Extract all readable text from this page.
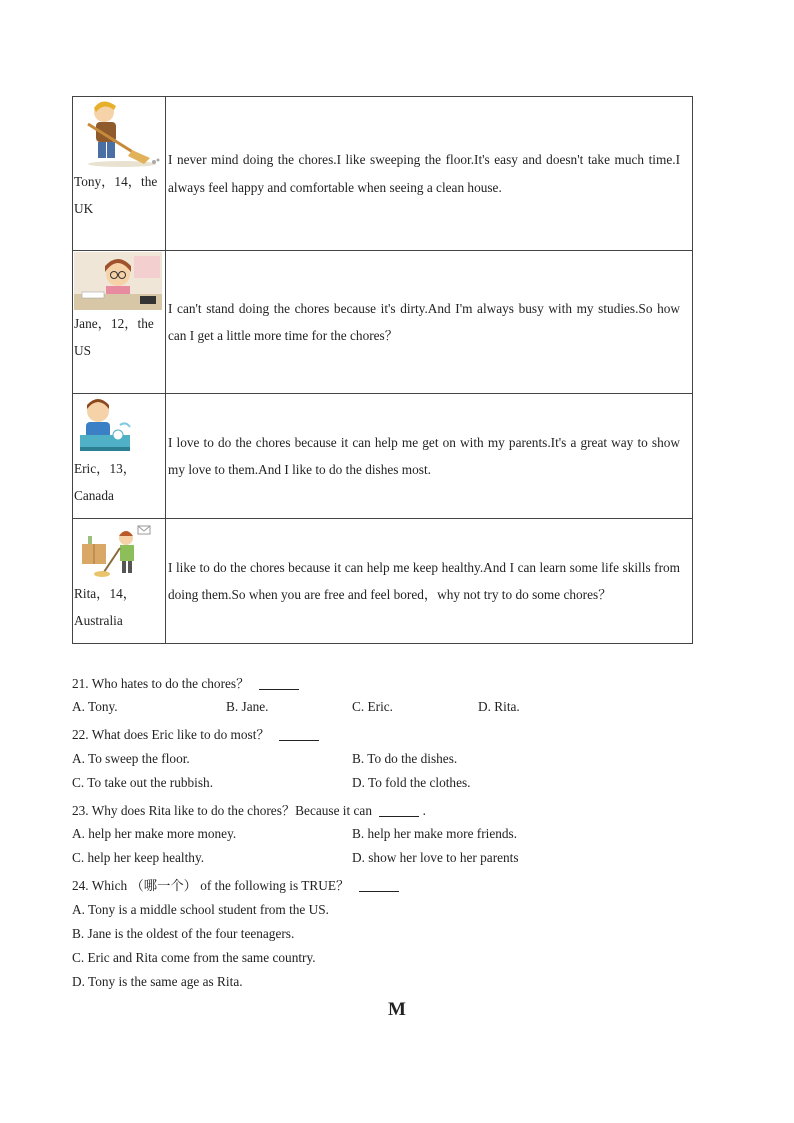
Tony，14，the UK	I never mind doing the chores.I like sweeping the floor.It's easy and doesn't take much time.I always feel happy and comfortable when seeing a clean house.

Jane，12，the US	I can't stand doing the chores because it's dirty.And I'm always busy with my studies.So how can I get a little more time for the chores？

Eric，13，Canada	I love to do the chores because it can help me get on with my parents.It's a great way to show my love to them.And I like to do the dishes most.

Rita，14，Australia	I like to do the chores because it can help me keep healthy.And I can learn some life skills from doing them.So when you are free and feel bored，why not try to do some chores？
21. Who hates to do the chores？
A. Tony.	B. Jane.	C. Eric.	D. Rita.
22. What does Eric like to do most？
A. To sweep the floor.	B. To do the dishes.
C. To take out the rubbish.	D. To fold the clothes.
23. Why does Rita like to do the chores？Because it can	.
A. help her make more money.	B. help her make more friends.
C. help her keep healthy.	D. show her love to her parents
24. Which （哪一个） of the following is TRUE？
A. Tony is a middle school student from the US.
B. Jane is the oldest of the four teenagers.
C. Eric and Rita come from the same country.
D. Tony is the same age as Rita.
M
